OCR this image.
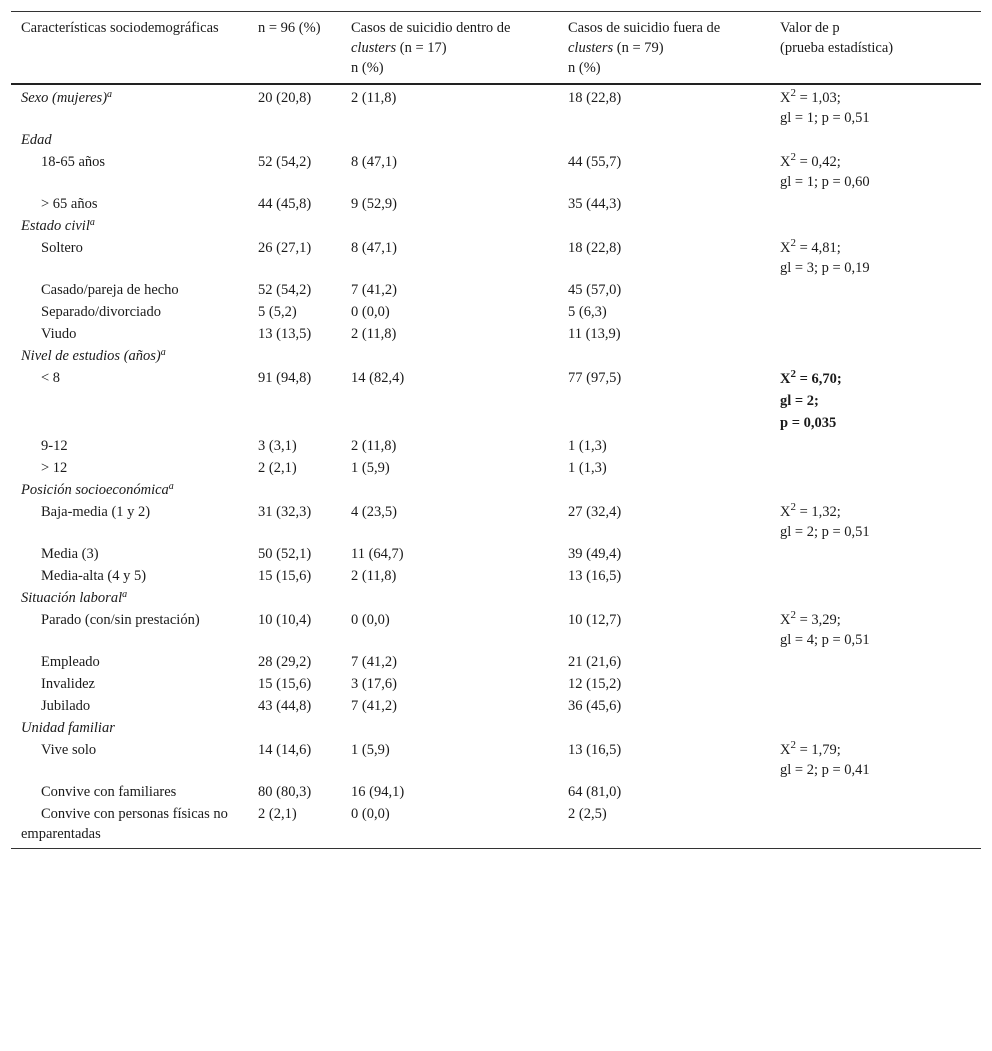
Características sociodemográficas	n = 96 (%)	Casos de suicidio dentro de
clusters (n = 17)
n (%)	Casos de suicidio fuera de
clusters (n = 79)
n (%)	Valor de p
(prueba estadística)
Sexo (mujeres)$^a$	20 (20,8)	2 (11,8)	18 (22,8)	$X^2 = 1,03$;
gl = 1; p = 0,51
Edad				
18-65 años	52 (54,2)	8 (47,1)	44 (55,7)	$X^2 = 0,42$;
gl = 1; p = 0,60
> 65 años	44 (45,8)	9 (52,9)	35 (44,3)	
Estado civil$^a$
Soltero	26 (27,1)	8 (47,1)	18 (22,8)	$X^2 = 4,81$;
gl = 3; p = 0,19
Casado/pareja de hecho	52 (54,2)	7 (41,2)	45 (57,0)	
Separado/divorciado	5 (5,2)	0 (0,0)	5 (6,3)	
Viudo	13 (13,5)	2 (11,8)	11 (13,9)	
Nivel de estudios (años)$^a$
< 8	91 (94,8)	14 (82,4)	77 (97,5)	$X^2 = 6,70$;
gl = 2;
p = 0,035
9-12	3 (3,1)	2 (11,8)	1 (1,3)	
> 12	2 (2,1)	1 (5,9)	1 (1,3)	
Posición socioeconómica$^a$
Baja-media (1 y 2)	31 (32,3)	4 (23,5)	27 (32,4)	$X^2 = 1,32$;
gl = 2; p = 0,51
Media (3)	50 (52,1)	11 (64,7)	39 (49,4)	
Media-alta (4 y 5)	15 (15,6)	2 (11,8)	13 (16,5)	
Situación laboral$^a$
Parado (con/sin prestación)	10 (10,4)	0 (0,0)	10 (12,7)	$X^2 = 3,29$;
gl = 4; p = 0,51
Empleado	28 (29,2)	7 (41,2)	21 (21,6)	
Invalidez	15 (15,6)	3 (17,6)	12 (15,2)	
Jubilado	43 (44,8)	7 (41,2)	36 (45,6)	
Unidad familiar				
Vive solo	14 (14,6)	1 (5,9)	13 (16,5)	$X^2 = 1,79$;
gl = 2; p = 0,41
Convive con familiares	80 (80,3)	16 (94,1)	64 (81,0)	
Convive con personas físicas no emparentadas	2 (2,1)	0 (0,0)	2 (2,5)	
